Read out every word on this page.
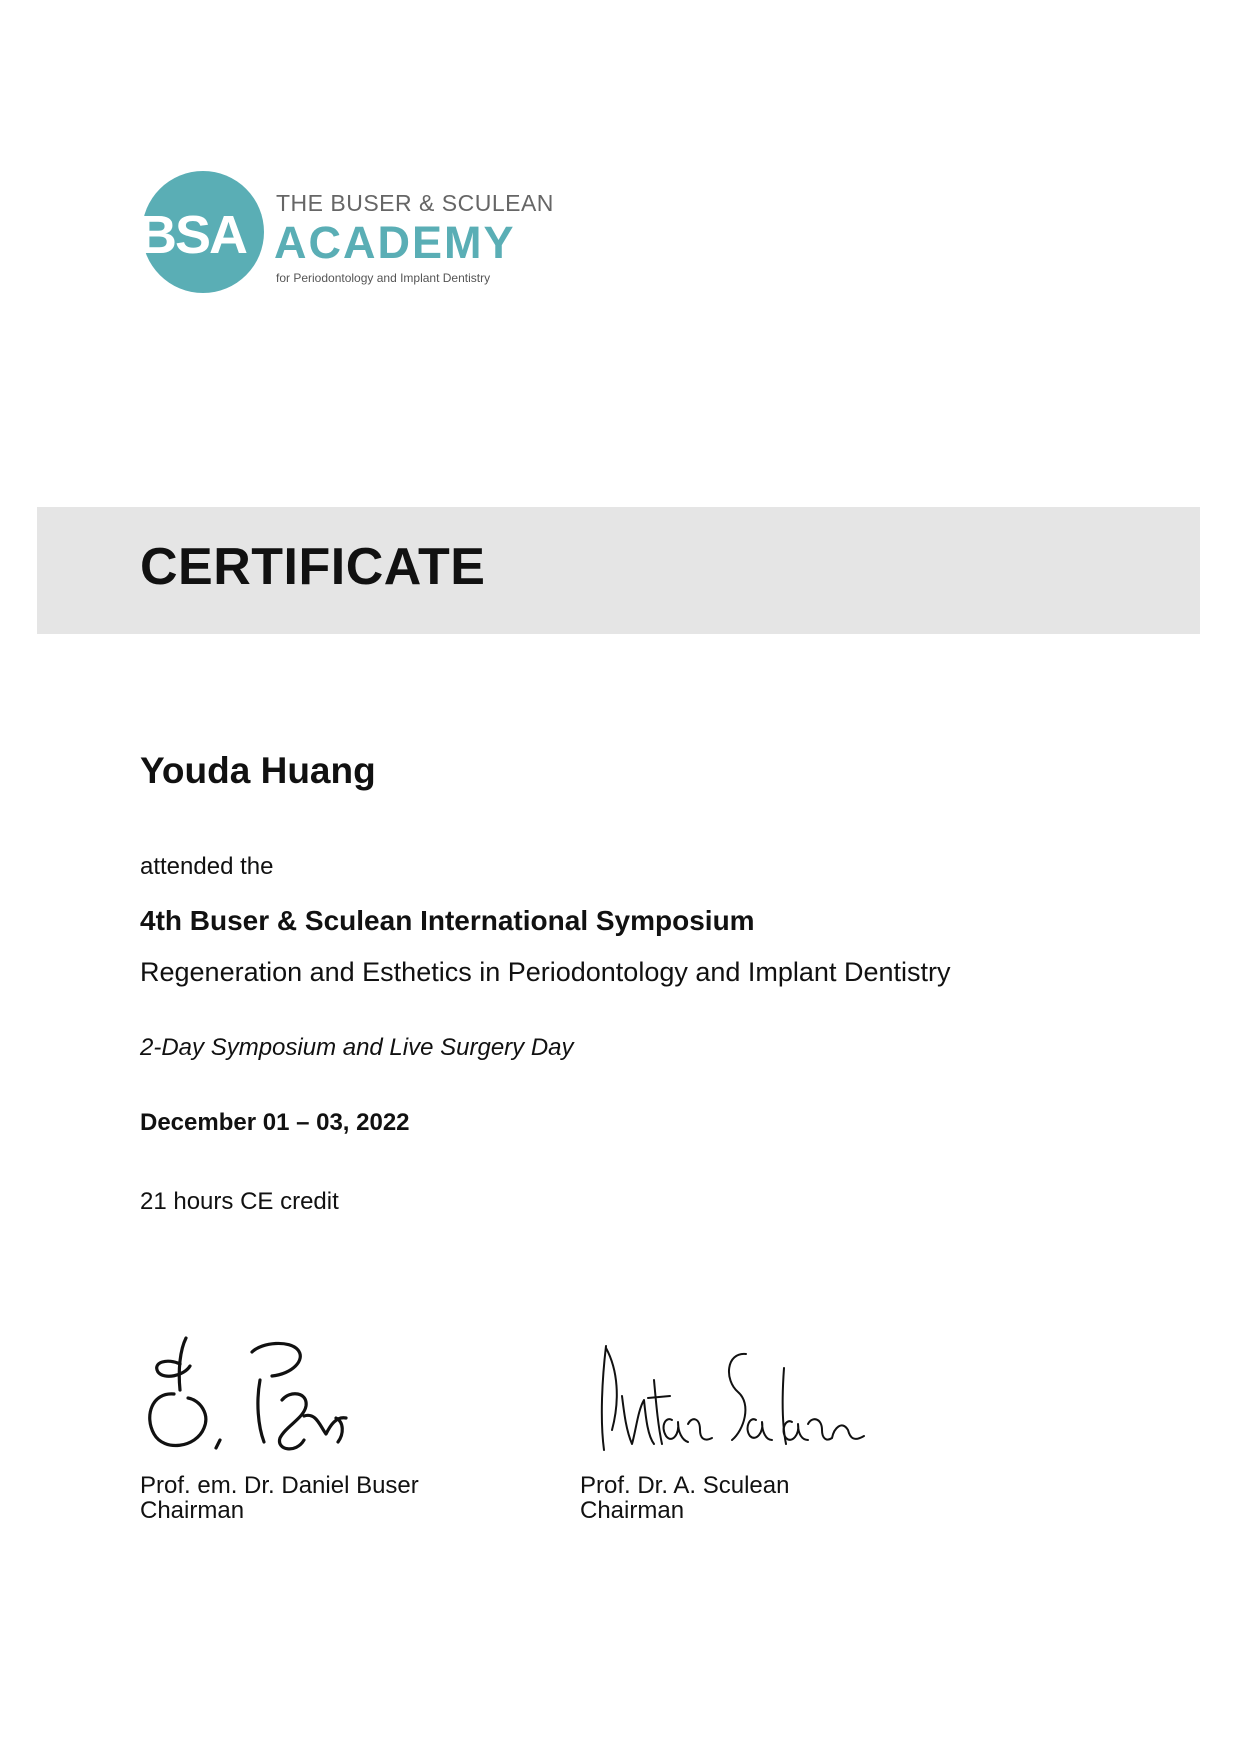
BSA
THE BUSER & SCULEAN
ACADEMY
for Periodontology and Implant Dentistry
CERTIFICATE
Youda Huang
attended the
4th Buser & Sculean International Symposium
Regeneration and Esthetics in Periodontology and Implant Dentistry
2-Day Symposium and Live Surgery Day
December 01 – 03, 2022
21 hours CE credit
Prof. em. Dr. Daniel Buser
Chairman
Prof. Dr. A. Sculean
Chairman
